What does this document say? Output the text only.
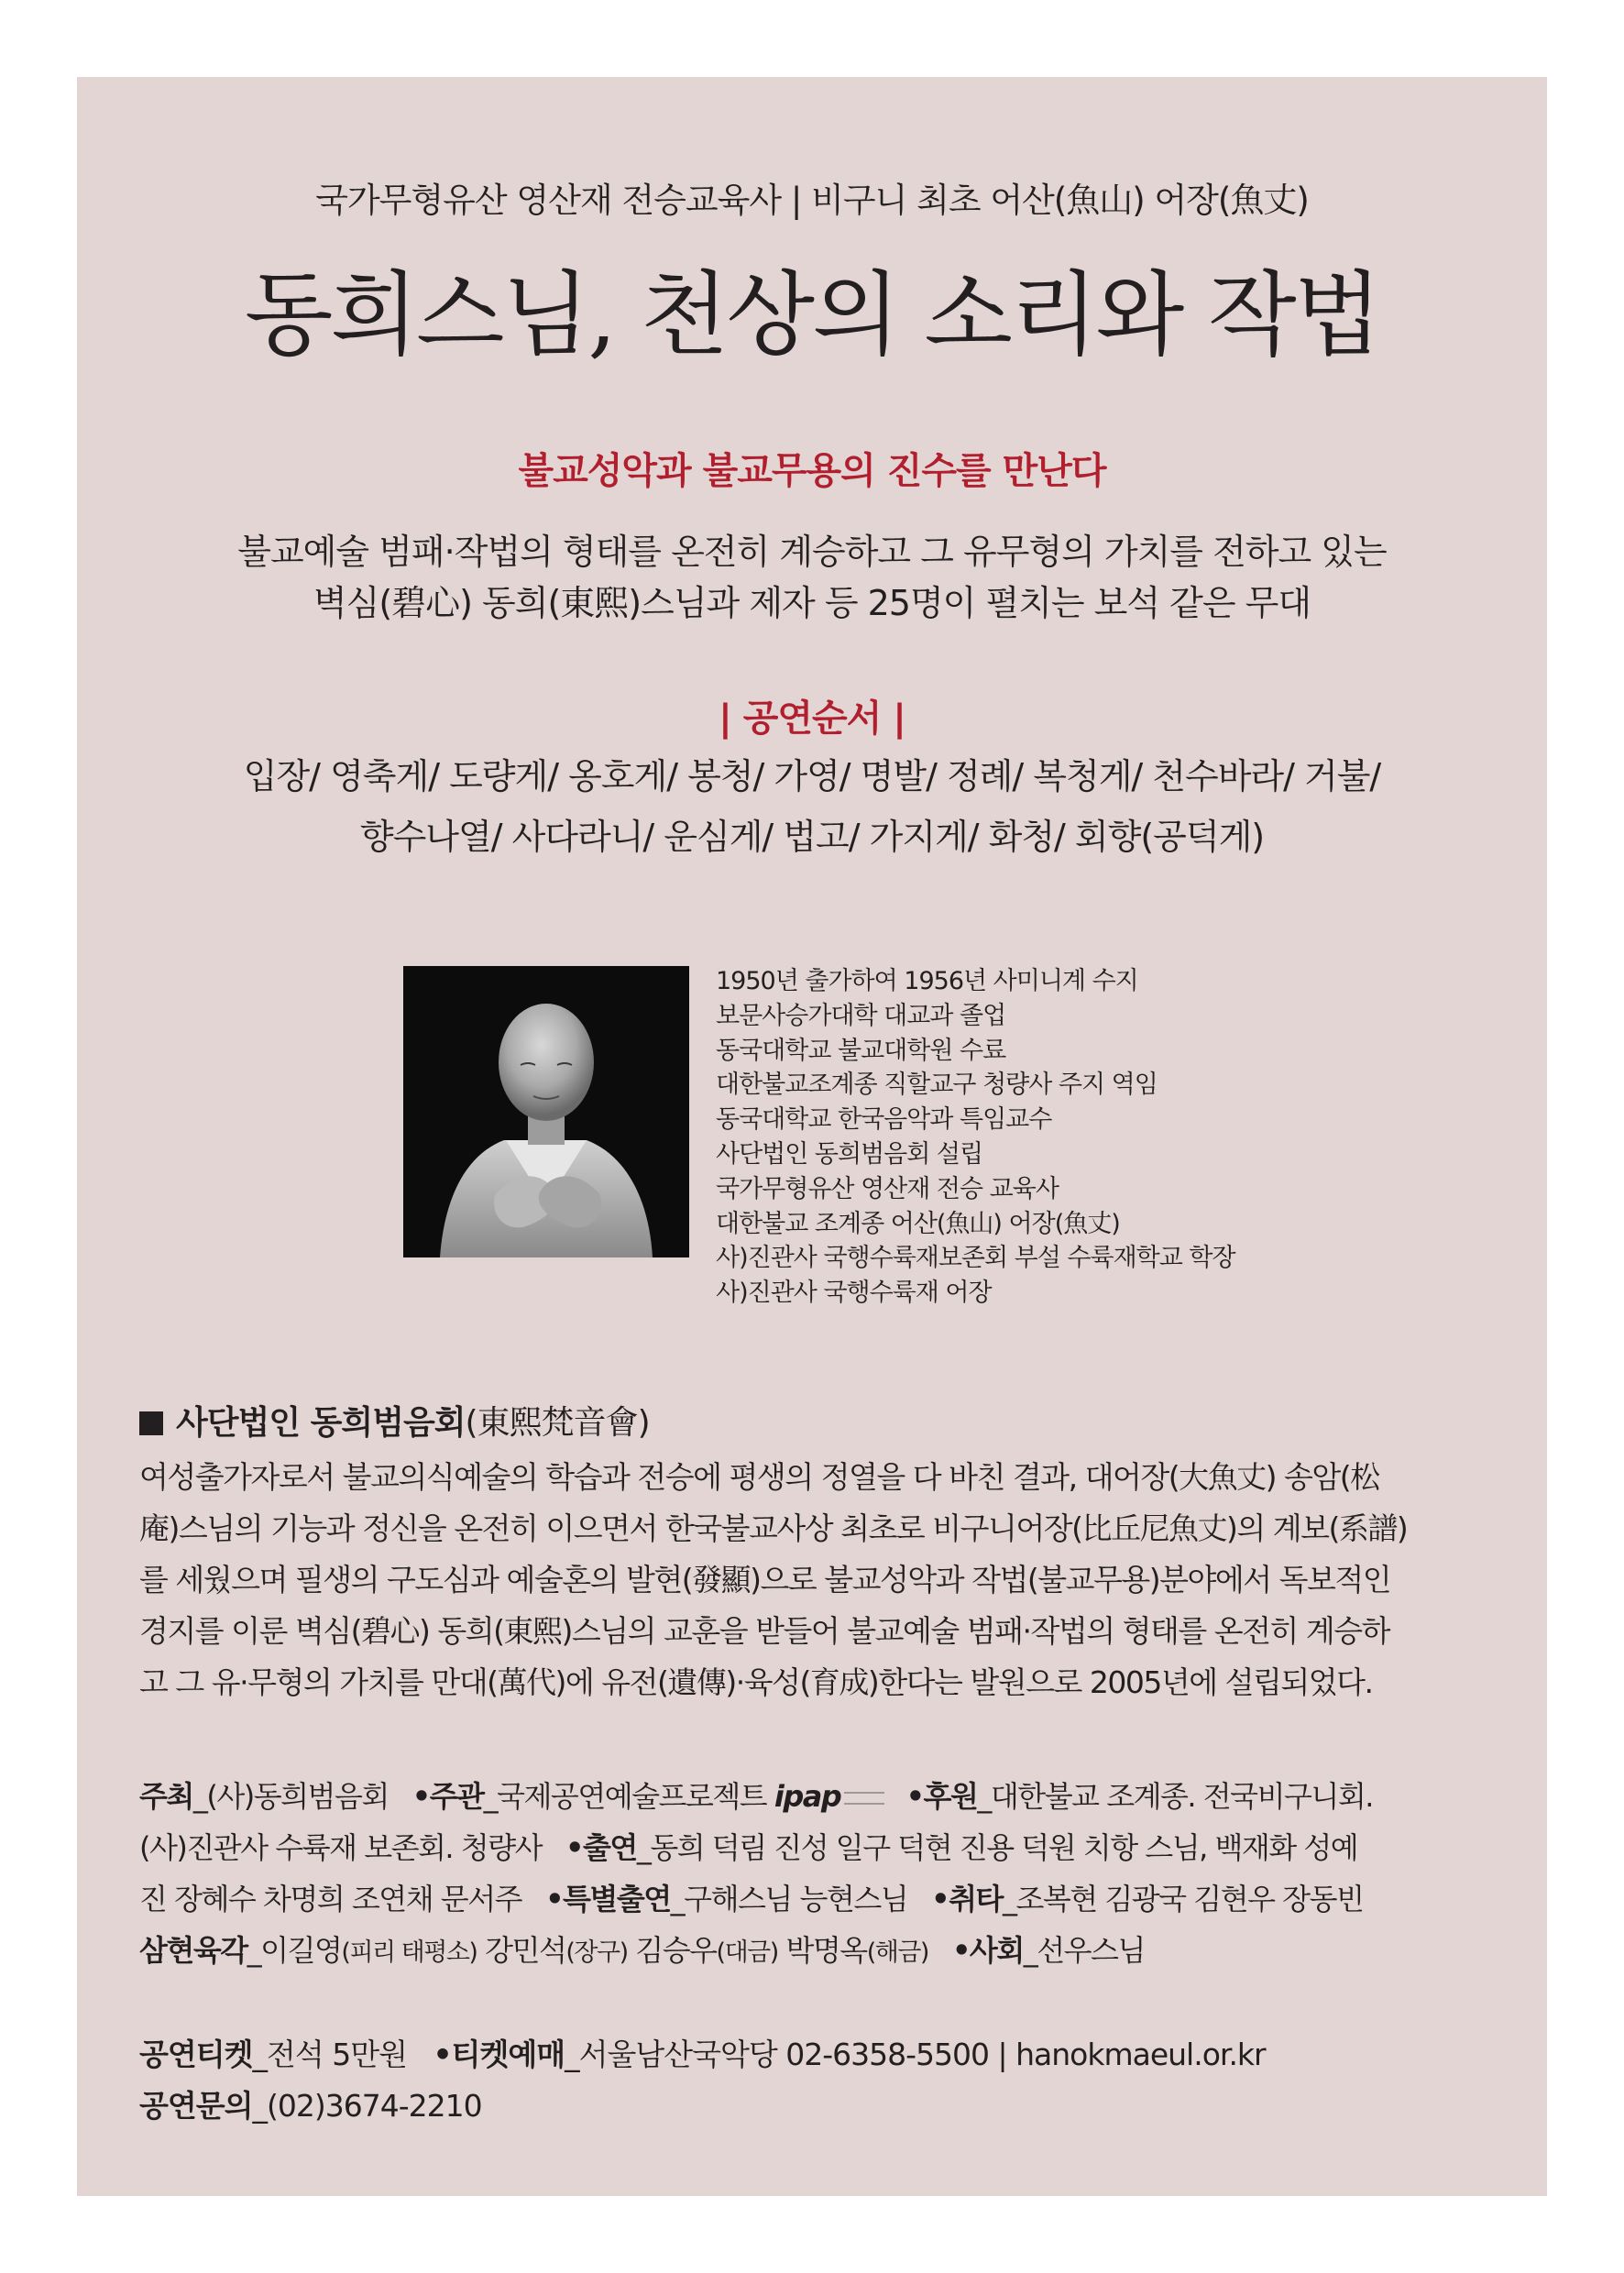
국가무형유산 영산재 전승교육사 | 비구니 최초 어산(魚山) 어장(魚丈)
동희스님, 천상의 소리와 작법
불교성악과 불교무용의 진수를 만난다
불교예술 범패·작법의 형태를 온전히 계승하고 그 유무형의 가치를 전하고 있는
벽심(碧心) 동희(東熙)스님과 제자 등 25명이 펼치는 보석 같은 무대
| 공연순서 |
입장/ 영축게/ 도량게/ 옹호게/ 봉청/ 가영/ 명발/ 정례/ 복청게/ 천수바라/ 거불/
향수나열/ 사다라니/ 운심게/ 법고/ 가지게/ 화청/ 회향(공덕게)
1950년 출가하여 1956년 사미니계 수지
보문사승가대학 대교과 졸업
동국대학교 불교대학원 수료
대한불교조계종 직할교구 청량사 주지 역임
동국대학교 한국음악과 특임교수
사단법인 동희범음회 설립
국가무형유산 영산재 전승 교육사
대한불교 조계종 어산(魚山) 어장(魚丈)
사)진관사 국행수륙재보존회 부설 수륙재학교 학장
사)진관사 국행수륙재 어장
사단법인 동희범음회(東熙梵音會)
여성출가자로서 불교의식예술의 학습과 전승에 평생의 정열을 다 바친 결과, 대어장(大魚丈) 송암(松
庵)스님의 기능과 정신을 온전히 이으면서 한국불교사상 최초로 비구니어장(比丘尼魚丈)의 계보(系譜)
를 세웠으며 필생의 구도심과 예술혼의 발현(發顯)으로 불교성악과 작법(불교무용)분야에서 독보적인
경지를 이룬 벽심(碧心) 동희(東熙)스님의 교훈을 받들어 불교예술 범패·작법의 형태를 온전히 계승하
고 그 유·무형의 가치를 만대(萬代)에 유전(遺傳)·육성(育成)한다는 발원으로 2005년에 설립되었다.
주최_(사)동희범음회 •주관_국제공연예술프로젝트 ipap •후원_대한불교 조계종. 전국비구니회.
(사)진관사 수륙재 보존회. 청량사 •출연_동희 덕림 진성 일구 덕현 진용 덕원 치항 스님, 백재화 성예
진 장혜수 차명희 조연채 문서주 •특별출연_구해스님 능현스님 •취타_조복현 김광국 김현우 장동빈
삼현육각_이길영(피리 태평소) 강민석(장구) 김승우(대금) 박명옥(해금) •사회_선우스님
공연티켓_전석 5만원 •티켓예매_서울남산국악당 02-6358-5500 | hanokmaeul.or.kr
공연문의_(02)3674-2210
